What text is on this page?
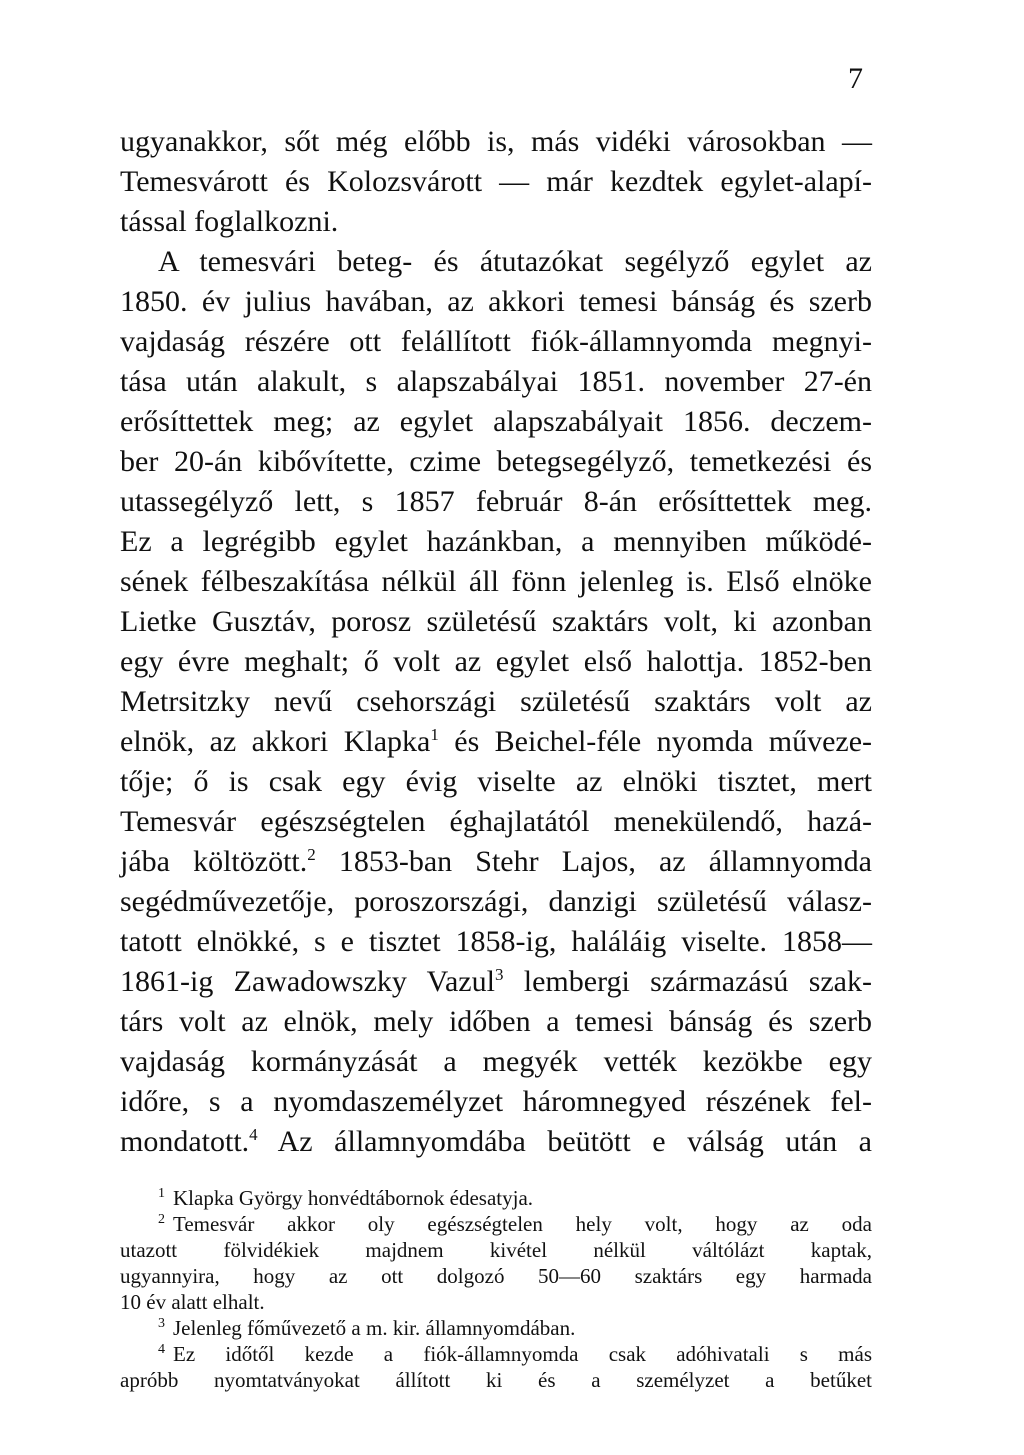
7
ugyanakkor, sőt még előbb is, más vidéki városokban —
Temesvárott és Kolozsvárott — már kezdtek egylet-alapí-
tással foglalkozni.
A temesvári beteg- és átutazókat segélyző egylet az
1850. év julius havában, az akkori temesi bánság és szerb
vajdaság részére ott felállított fiók-államnyomda megnyi-
tása után alakult, s alapszabályai 1851. november 27-én
erősíttettek meg; az egylet alapszabályait 1856. deczem-
ber 20-án kibővítette, czime betegsegélyző, temetkezési és
utassegélyző lett, s 1857 február 8-án erősíttettek meg.
Ez a legrégibb egylet hazánkban, a mennyiben működé-
sének félbeszakítása nélkül áll fönn jelenleg is. Első elnöke
Lietke Gusztáv, porosz születésű szaktárs volt, ki azonban
egy évre meghalt; ő volt az egylet első halottja. 1852-ben
Metrsitzky nevű csehországi születésű szaktárs volt az
elnök, az akkori Klapka$^1$ és Beichel-féle nyomda műveze-
tője; ő is csak egy évig viselte az elnöki tisztet, mert
Temesvár egészségtelen éghajlatától menekülendő, hazá-
jába költözött.$^2$ 1853-ban Stehr Lajos, az államnyomda
segédművezetője, poroszországi, danzigi születésű válasz-
tatott elnökké, s e tisztet 1858-ig, haláláig viselte. 1858—
1861-ig Zawadowszky Vazul$^3$ lembergi származású szak-
társ volt az elnök, mely időben a temesi bánság és szerb
vajdaság kormányzását a megyék vették kezökbe egy
időre, s a nyomdaszemélyzet háromnegyed részének fel-
mondatott.$^4$ Az államnyomdába beütött e válság után a
$^1$ Klapka György honvédtábornok édesatyja.
$^2$ Temesvár akkor oly egészségtelen hely volt, hogy az oda
utazott fölvidékiek majdnem kivétel nélkül váltólázt kaptak,
ugyannyira, hogy az ott dolgozó 50—60 szaktárs egy harmada
10 év alatt elhalt.
$^3$ Jelenleg főművezető a m. kir. államnyomdában.
$^4$ Ez időtől kezde a fiók-államnyomda csak adóhivatali s más
apróbb nyomtatványokat állított ki és a személyzet a betűket
